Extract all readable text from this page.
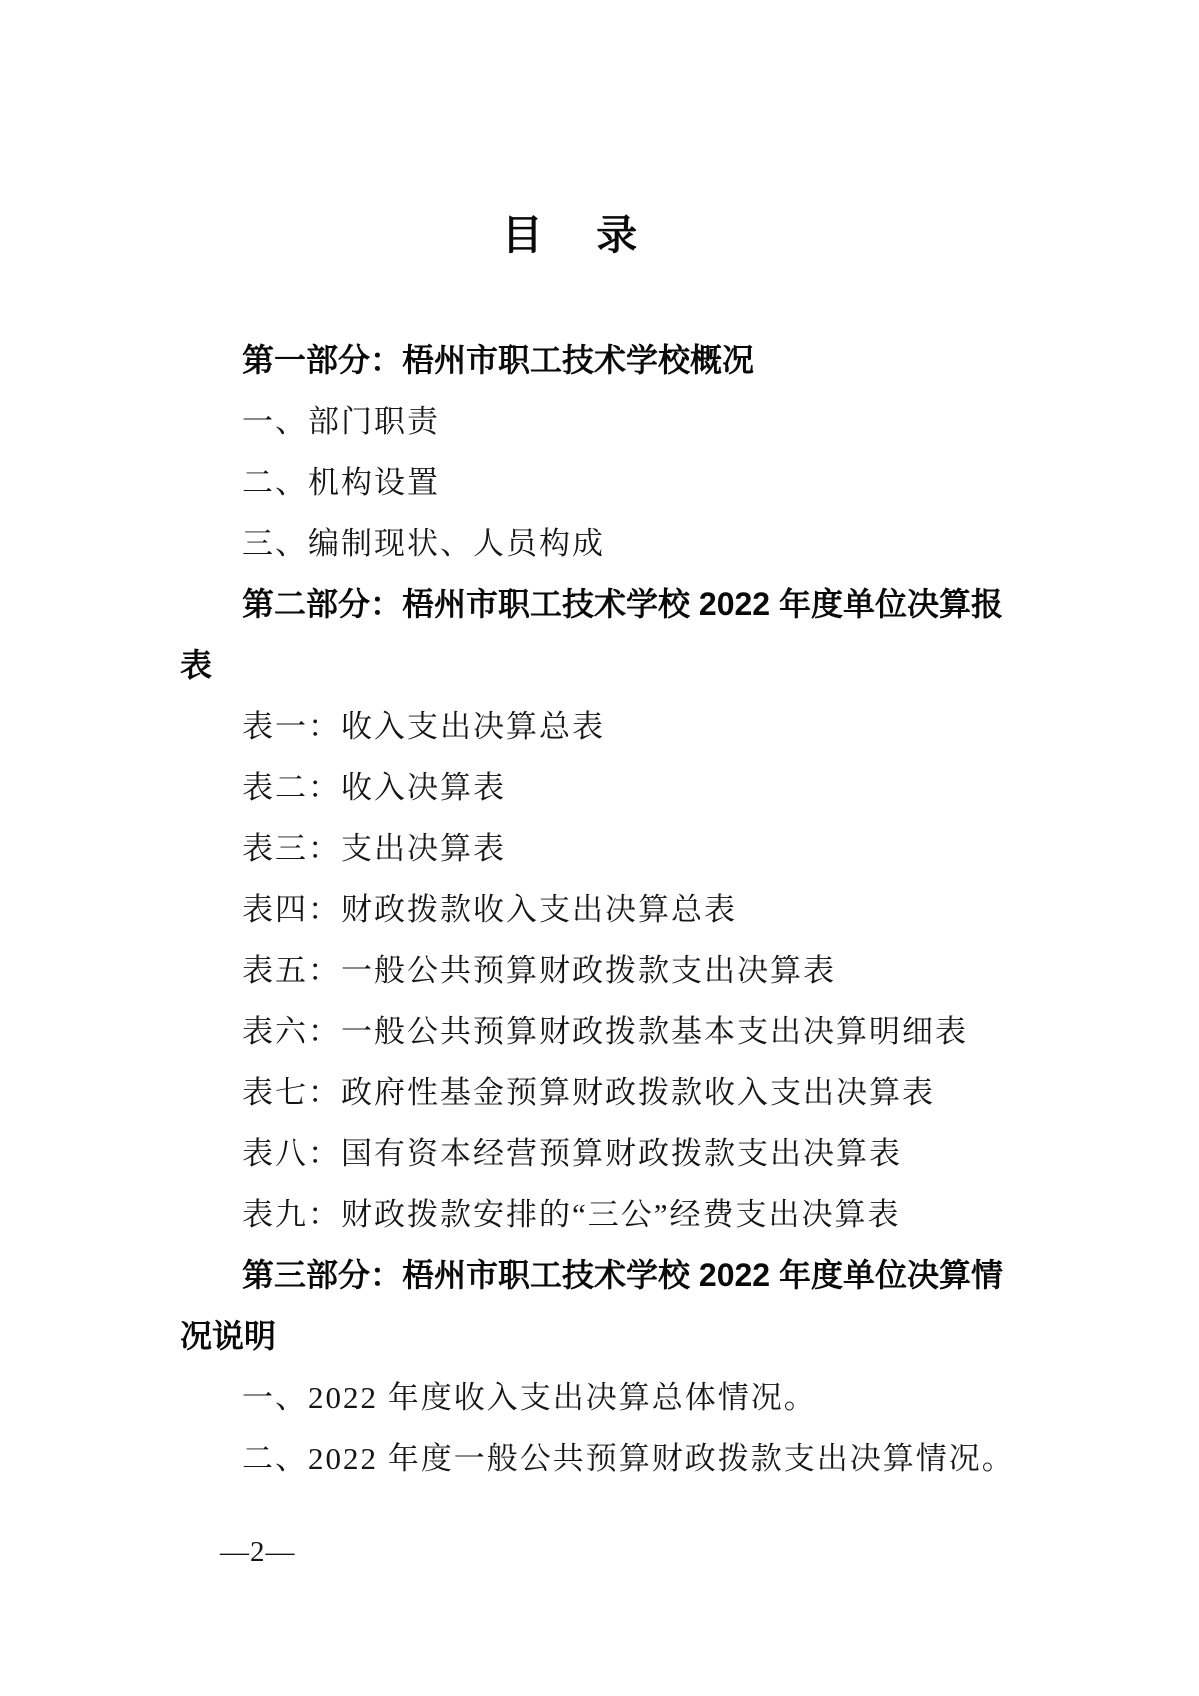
目 录
第一部分：梧州市职工技术学校概况
一、部门职责
二、机构设置
三、编制现状、人员构成
第二部分：梧州市职工技术学校 2022 年度单位决算报
表
表一：收入支出决算总表
表二：收入决算表
表三：支出决算表
表四：财政拨款收入支出决算总表
表五：一般公共预算财政拨款支出决算表
表六：一般公共预算财政拨款基本支出决算明细表
表七：政府性基金预算财政拨款收入支出决算表
表八：国有资本经营预算财政拨款支出决算表
表九：财政拨款安排的“三公”经费支出决算表
第三部分：梧州市职工技术学校 2022 年度单位决算情
况说明
一、2022 年度收入支出决算总体情况。
二、2022 年度一般公共预算财政拨款支出决算情况。
—2—
